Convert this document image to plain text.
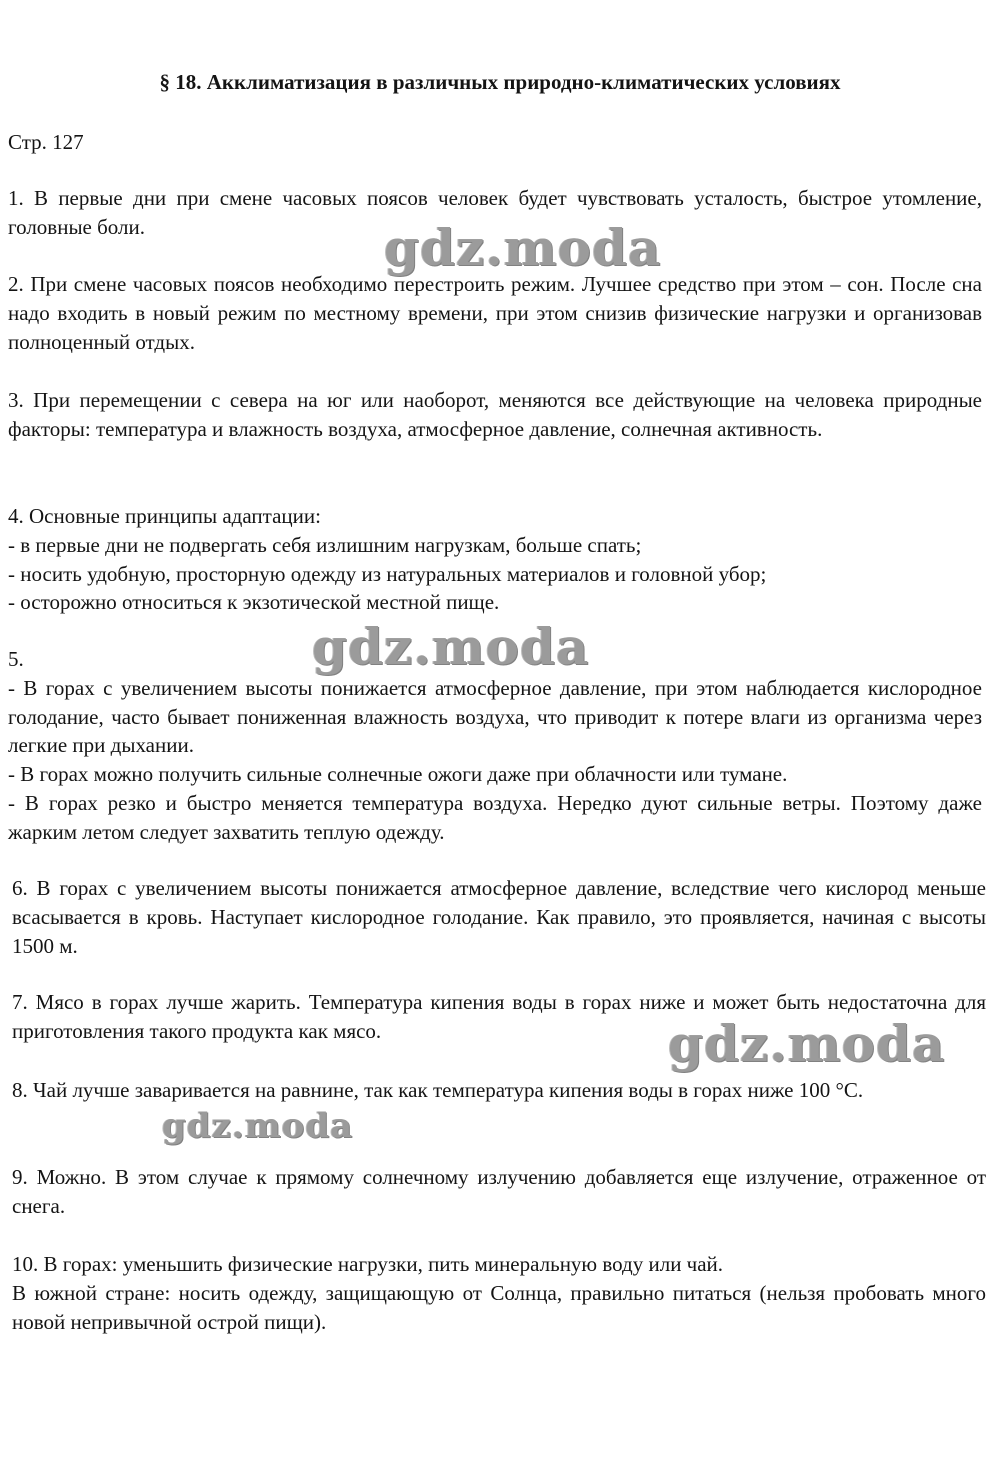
§ 18. Акклиматизация в различных природно-климатических условиях
Стр. 127

1. В первые дни при смене часовых поясов человек будет чувствовать усталость, быстрое утомление, головные боли.

2. При смене часовых поясов необходимо перестроить режим. Лучшее средство при этом – сон. После сна надо входить в новый режим по местному времени, при этом снизив физические нагрузки и организовав полноценный отдых.

3. При перемещении с севера на юг или наоборот, меняются все действующие на человека природные факторы: температура и влажность воздуха, атмосферное давление, солнечная активность.

4. Основные принципы адаптации:

- в первые дни не подвергать себя излишним нагрузкам, больше спать;

- носить удобную, просторную одежду из натуральных материалов и головной убор;

- осторожно относиться к экзотической местной пище.

5.

- В горах с увеличением высоты понижается атмосферное давление, при этом наблюдается кислородное голодание, часто бывает пониженная влажность воздуха, что приводит к потере влаги из организма через легкие при дыхании.

- В горах можно получить сильные солнечные ожоги даже при облачности или тумане.

- В горах резко и быстро меняется температура воздуха. Нередко дуют сильные ветры. Поэтому даже жарким летом следует захватить теплую одежду.

6. В горах с увеличением высоты понижается атмосферное давление, вследствие чего кислород меньше всасывается в кровь. Наступает кислородное голодание. Как правило, это проявляется, начиная с высоты 1500 м.

7. Мясо в горах лучше жарить. Температура кипения воды в горах ниже и может быть недостаточна для приготовления такого продукта как мясо.

8. Чай лучше заваривается на равнине, так как температура кипения воды в горах ниже 100 °С.

9. Можно. В этом случае к прямому солнечному излучению добавляется еще излучение, отраженное от снега.

10. В горах: уменьшить физические нагрузки, пить минеральную воду или чай.

В южной стране: носить одежду, защищающую от Солнца, правильно питаться (нельзя пробовать много новой непривычной острой пищи).

gdz.moda
gdz.moda
gdz.moda
gdz.moda
